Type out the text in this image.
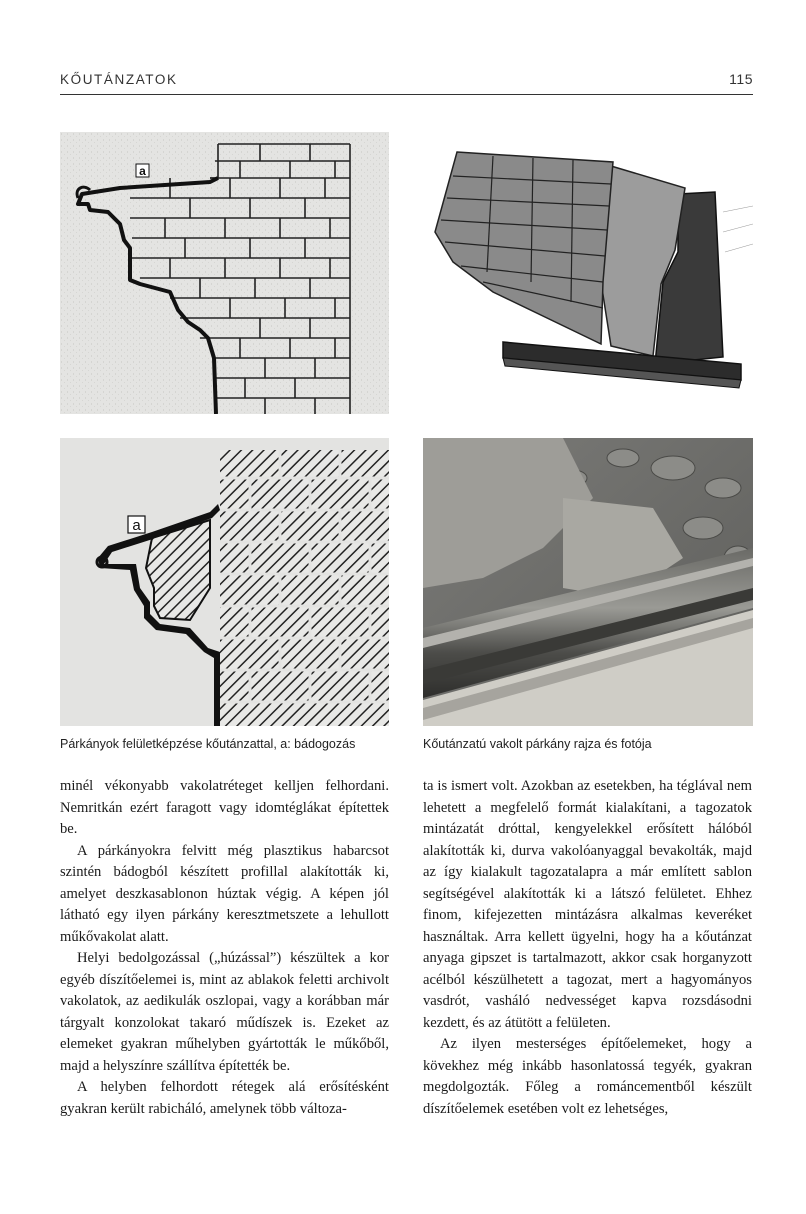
KŐUTÁNZATOK	115
a
a
Párkányok felületképzése kőutánzattal, a: bádogozás	Kőutánzatú vakolt párkány rajza és fotója

minél vékonyabb vakolatréteget kelljen felhordani. Nemritkán ezért faragott vagy idomtéglákat építettek be.

A párkányokra felvitt még plasztikus habarcsot szintén bádogból készített profillal alakították ki, amelyet deszkasablonon húztak végig. A képen jól látható egy ilyen párkány keresztmetszete a lehullott műkővakolat alatt.

Helyi bedolgozással („húzással”) készültek a kor egyéb díszítőelemei is, mint az ablakok feletti archivolt vakolatok, az aedikulák oszlopai, vagy a korábban már tárgyalt konzolokat takaró műdíszek is. Ezeket az elemeket gyakran műhelyben gyártották le műkőből, majd a helyszínre szállítva építették be.

A helyben felhordott rétegek alá erősítésként gyakran került rabicháló, amelynek több változa-

ta is ismert volt. Azokban az esetekben, ha téglával nem lehetett a megfelelő formát kialakítani, a tagozatok mintázatát dróttal, kengyelekkel erősített hálóból alakították ki, durva vakolóanyaggal bevakolták, majd az így kialakult tagozatalapra a már említett sablon segítségével alakították ki a látszó felületet. Ehhez finom, kifejezetten mintázásra alkalmas keveréket használtak. Arra kellett ügyelni, hogy ha a kőutánzat anyaga gipszet is tartalmazott, akkor csak horganyzott acélból készülhetett a tagozat, mert a hagyományos vasdrót, vasháló nedvességet kapva rozsdásodni kezdett, és az átütött a felületen.

Az ilyen mesterséges építőelemeket, hogy a kövekhez még inkább hasonlatossá tegyék, gyakran megdolgozták. Főleg a románcementből készült díszítőelemek esetében volt ez lehetséges,
